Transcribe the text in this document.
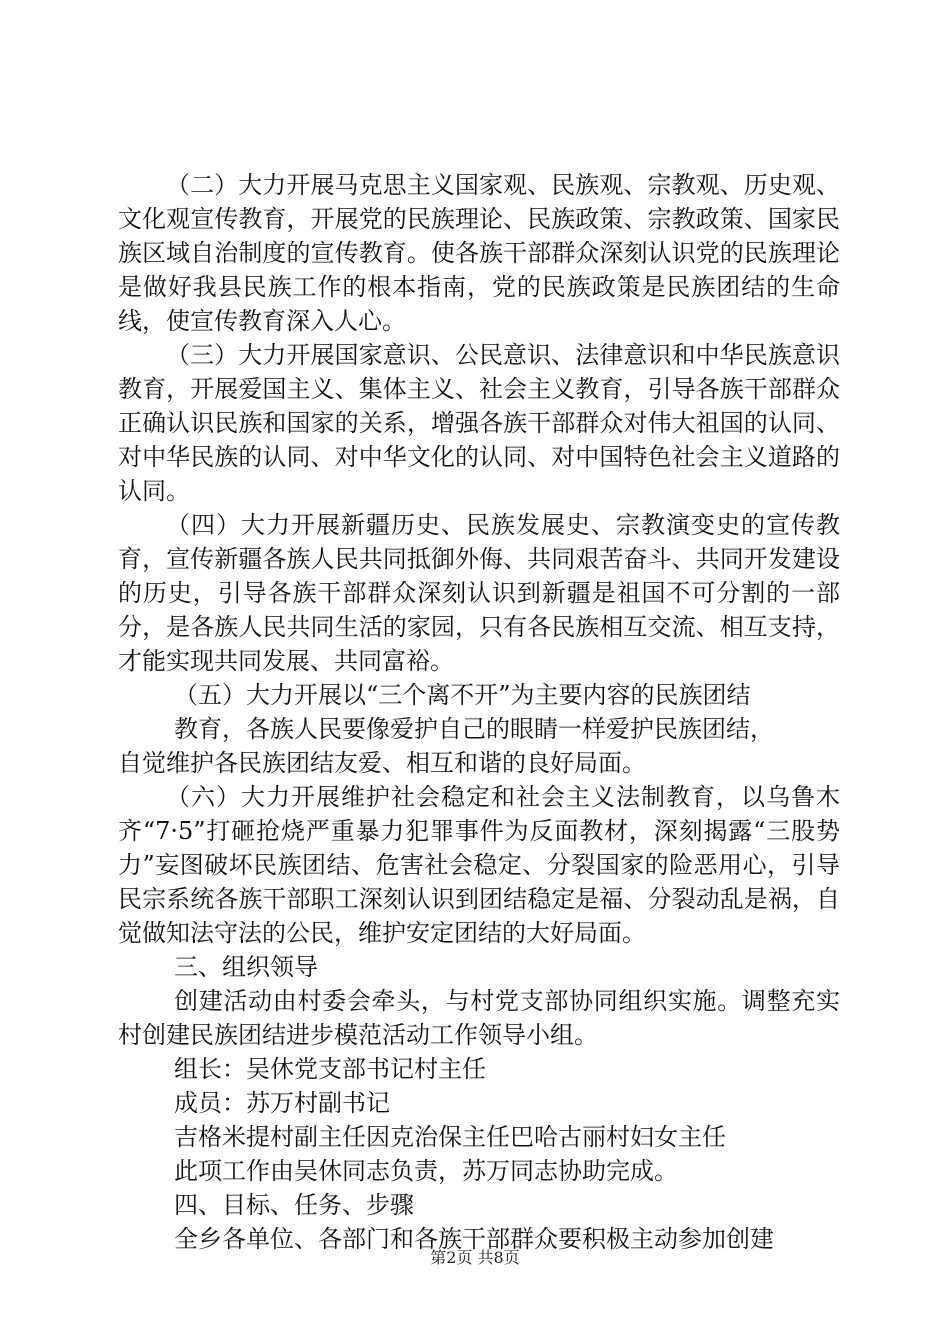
（二）大力开展马克思主义国家观、民族观、宗教观、历史观、文化观宣传教育，开展党的民族理论、民族政策、宗教政策、国家民族区域自治制度的宣传教育。使各族干部群众深刻认识党的民族理论是做好我县民族工作的根本指南，党的民族政策是民族团结的生命线，使宣传教育深入人心。

（三）大力开展国家意识、公民意识、法律意识和中华民族意识教育，开展爱国主义、集体主义、社会主义教育，引导各族干部群众正确认识民族和国家的关系，增强各族干部群众对伟大祖国的认同、对中华民族的认同、对中华文化的认同、对中国特色社会主义道路的认同。

（四）大力开展新疆历史、民族发展史、宗教演变史的宣传教育，宣传新疆各族人民共同抵御外侮、共同艰苦奋斗、共同开发建设的历史，引导各族干部群众深刻认识到新疆是祖国不可分割的一部分，是各族人民共同生活的家园，只有各民族相互交流、相互支持，才能实现共同发展、共同富裕。

（五）大力开展以“三个离不开”为主要内容的民族团结

教育，各族人民要像爱护自己的眼睛一样爱护民族团结，

自觉维护各民族团结友爱、相互和谐的良好局面。

（六）大力开展维护社会稳定和社会主义法制教育，以乌鲁木齐“7·5”打砸抢烧严重暴力犯罪事件为反面教材，深刻揭露“三股势力”妄图破坏民族团结、危害社会稳定、分裂国家的险恶用心，引导民宗系统各族干部职工深刻认识到团结稳定是福、分裂动乱是祸，自觉做知法守法的公民，维护安定团结的大好局面。

三、组织领导

创建活动由村委会牵头，与村党支部协同组织实施。调整充实村创建民族团结进步模范活动工作领导小组。

组长：吴休党支部书记村主任

成员：苏万村副书记

吉格米提村副主任因克治保主任巴哈古丽村妇女主任

此项工作由吴休同志负责，苏万同志协助完成。

四、目标、任务、步骤

全乡各单位、各部门和各族干部群众要积极主动参加创建

第2页 共8页
